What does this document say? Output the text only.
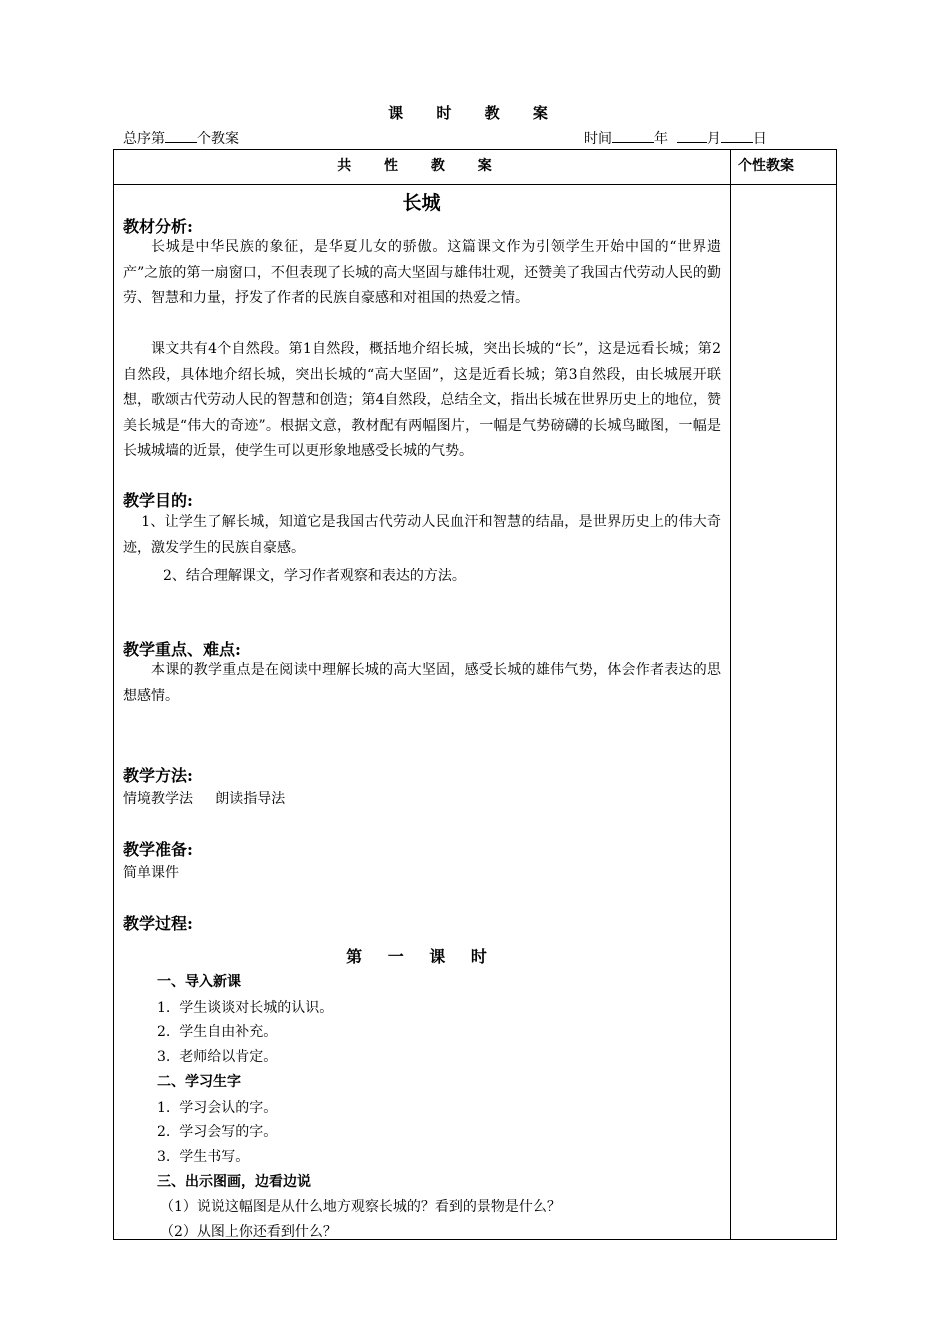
课 时 教 案
总序第 个教案	时间	年	月 日
共 性 教 案	个性教案
长城
教材分析:

长城是中华民族的象征，是华夏儿女的骄傲。这篇课文作为引领学生开始中国的“世界遗产”之旅的第一扇窗口，不但表现了长城的高大坚固与雄伟壮观，还赞美了我国古代劳动人民的勤劳、智慧和力量，抒发了作者的民族自豪感和对祖国的热爱之情。

课文共有4个自然段。第1自然段，概括地介绍长城，突出长城的“长”，这是远看长城；第2自然段，具体地介绍长城，突出长城的“高大坚固”，这是近看长城；第3自然段，由长城展开联想，歌颂古代劳动人民的智慧和创造；第4自然段，总结全文，指出长城在世界历史上的地位，赞美长城是“伟大的奇迹”。根据文意，教材配有两幅图片，一幅是气势磅礴的长城鸟瞰图，一幅是长城城墙的近景，使学生可以更形象地感受长城的气势。

教学目的:

1、让学生了解长城，知道它是我国古代劳动人民血汗和智慧的结晶，是世界历史上的伟大奇迹，激发学生的民族自豪感。

2、结合理解课文，学习作者观察和表达的方法。
教学重点、难点:

本课的教学重点是在阅读中理解长城的高大坚固，感受长城的雄伟气势，体会作者表达的思想感情。

教学方法:
情境教学法     朗读指导法
教学准备:
简单课件
教学过程:
第 一 课 时
一、导入新课
1.  学生谈谈对长城的认识。
2.  学生自由补充。
3.  老师给以肯定。
二、学习生字
1.  学习会认的字。
2.  学习会写的字。
3.  学生书写。
三、出示图画，边看边说
（1）说说这幅图是从什么地方观察长城的？看到的景物是什么？
（2）从图上你还看到什么？
